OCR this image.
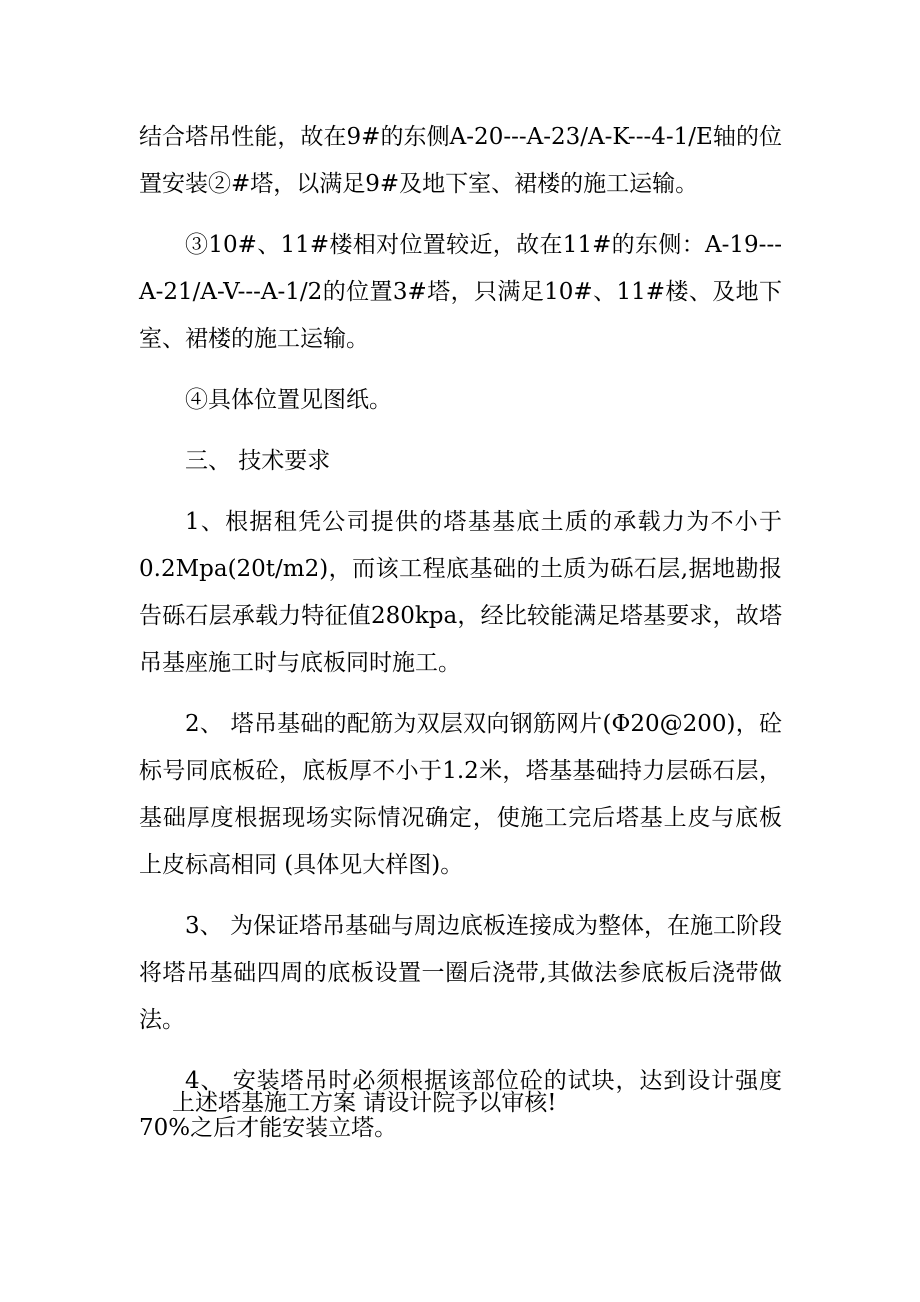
结合塔吊性能，故在9#的东侧A-20---A-23/A-K---4-1/E轴的位置安装②#塔，以满足9#及地下室、裙楼的施工运输。

③10#、11#楼相对位置较近，故在11#的东侧：A-19---A-21/A-V---A-1/2的位置3#塔，只满足10#、11#楼、及地下室、裙楼的施工运输。

④具体位置见图纸。

三、 技术要求

1、根据租凭公司提供的塔基基底土质的承载力为不小于0.2Mpa(20t/m2)，而该工程底基础的土质为砾石层,据地勘报告砾石层承载力特征值280kpa，经比较能满足塔基要求，故塔吊基座施工时与底板同时施工。

2、 塔吊基础的配筋为双层双向钢筋网片(Φ20@200)，砼标号同底板砼，底板厚不小于1.2米，塔基基础持力层砾石层，基础厚度根据现场实际情况确定，使施工完后塔基上皮与底板上皮标高相同 (具体见大样图)。

3、 为保证塔吊基础与周边底板连接成为整体，在施工阶段将塔吊基础四周的底板设置一圈后浇带,其做法参底板后浇带做法。

4、 安装塔吊时必须根据该部位砼的试块，达到设计强度70%之后才能安装立塔。

上述塔基施工方案 请设计院予以审核!
